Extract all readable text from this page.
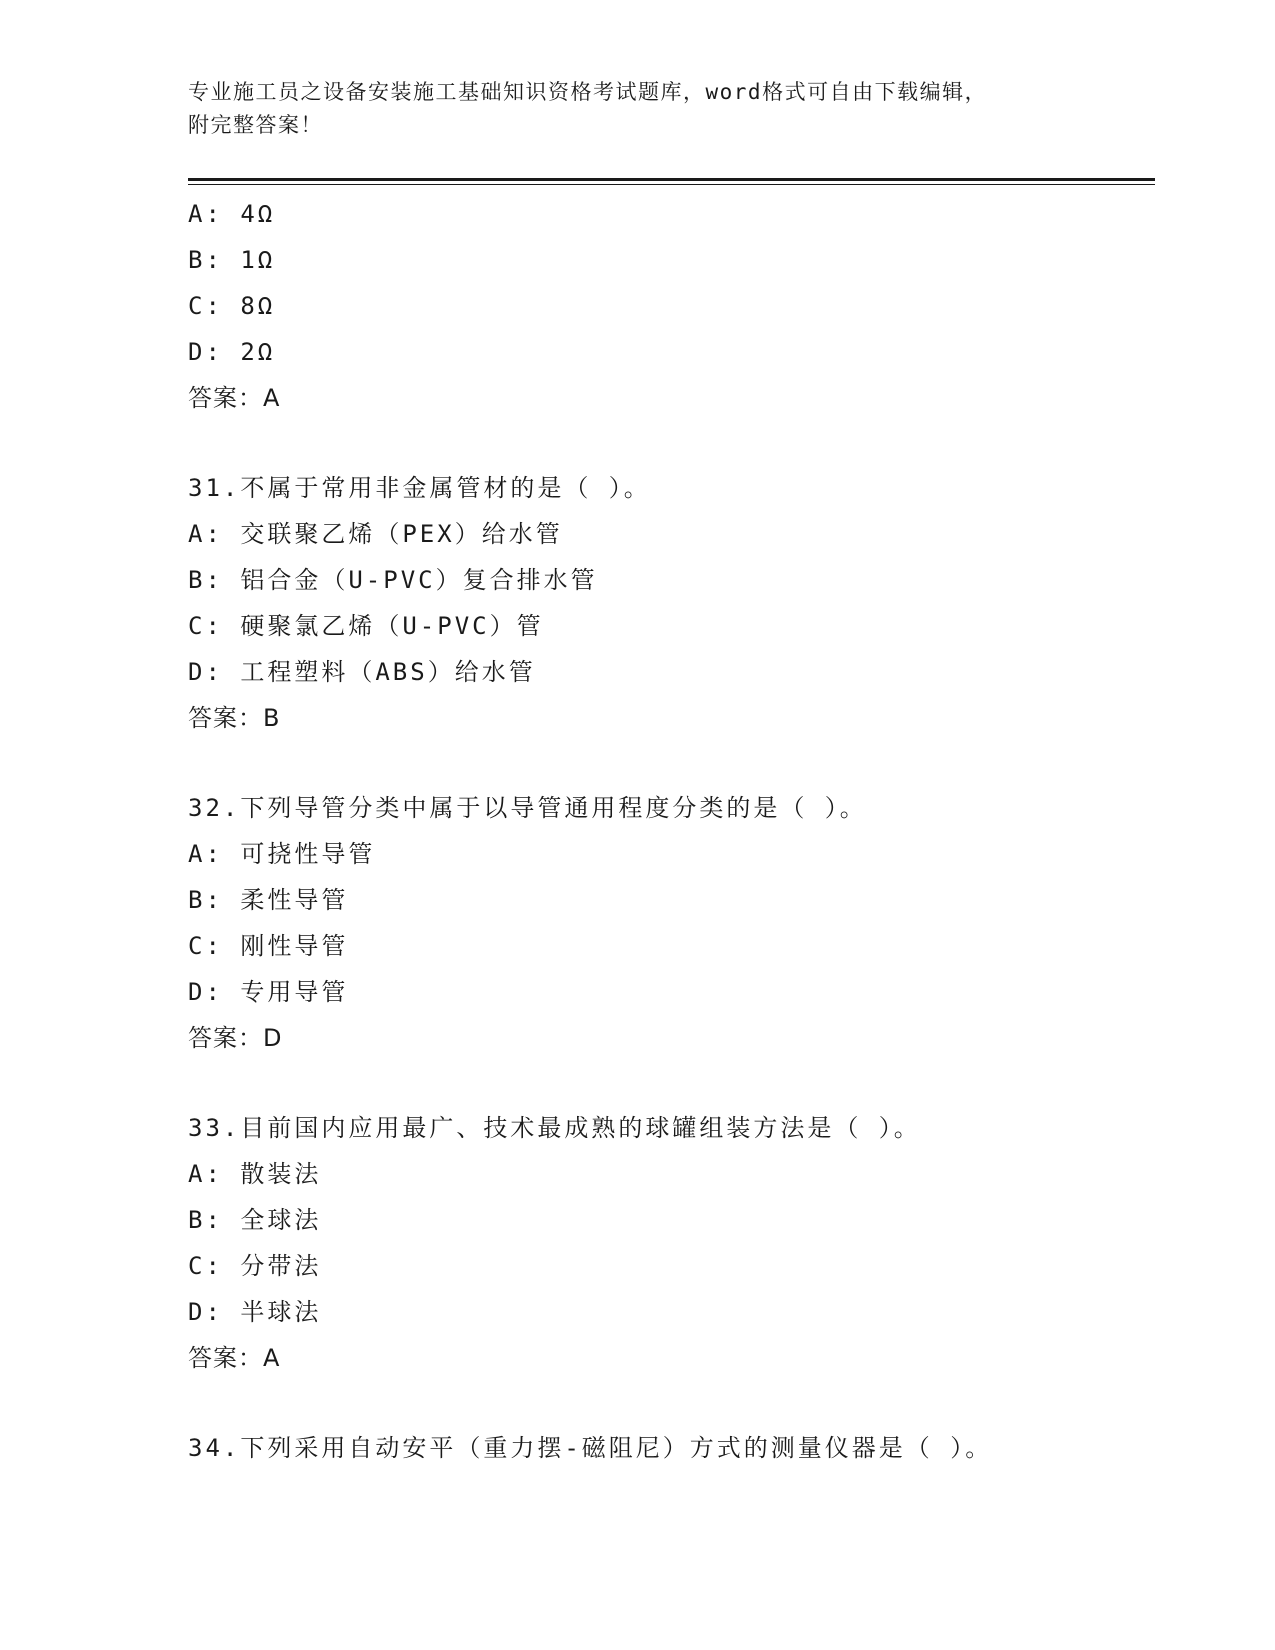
专业施工员之设备安装施工基础知识资格考试题库，word格式可自由下载编辑，
附完整答案！
A: 4Ω
B: 1Ω
C: 8Ω
D: 2Ω
答案：A
31.不属于常用非金属管材的是（ ）。
A: 交联聚乙烯（PEX）给水管
B: 铝合金（U-PVC）复合排水管
C: 硬聚氯乙烯（U-PVC）管
D: 工程塑料（ABS）给水管
答案：B
32.下列导管分类中属于以导管通用程度分类的是（ ）。
A: 可挠性导管
B: 柔性导管
C: 刚性导管
D: 专用导管
答案：D
33.目前国内应用最广、技术最成熟的球罐组装方法是（ ）。
A: 散装法
B: 全球法
C: 分带法
D: 半球法
答案：A
34.下列采用自动安平（重力摆-磁阻尼）方式的测量仪器是（ ）。
